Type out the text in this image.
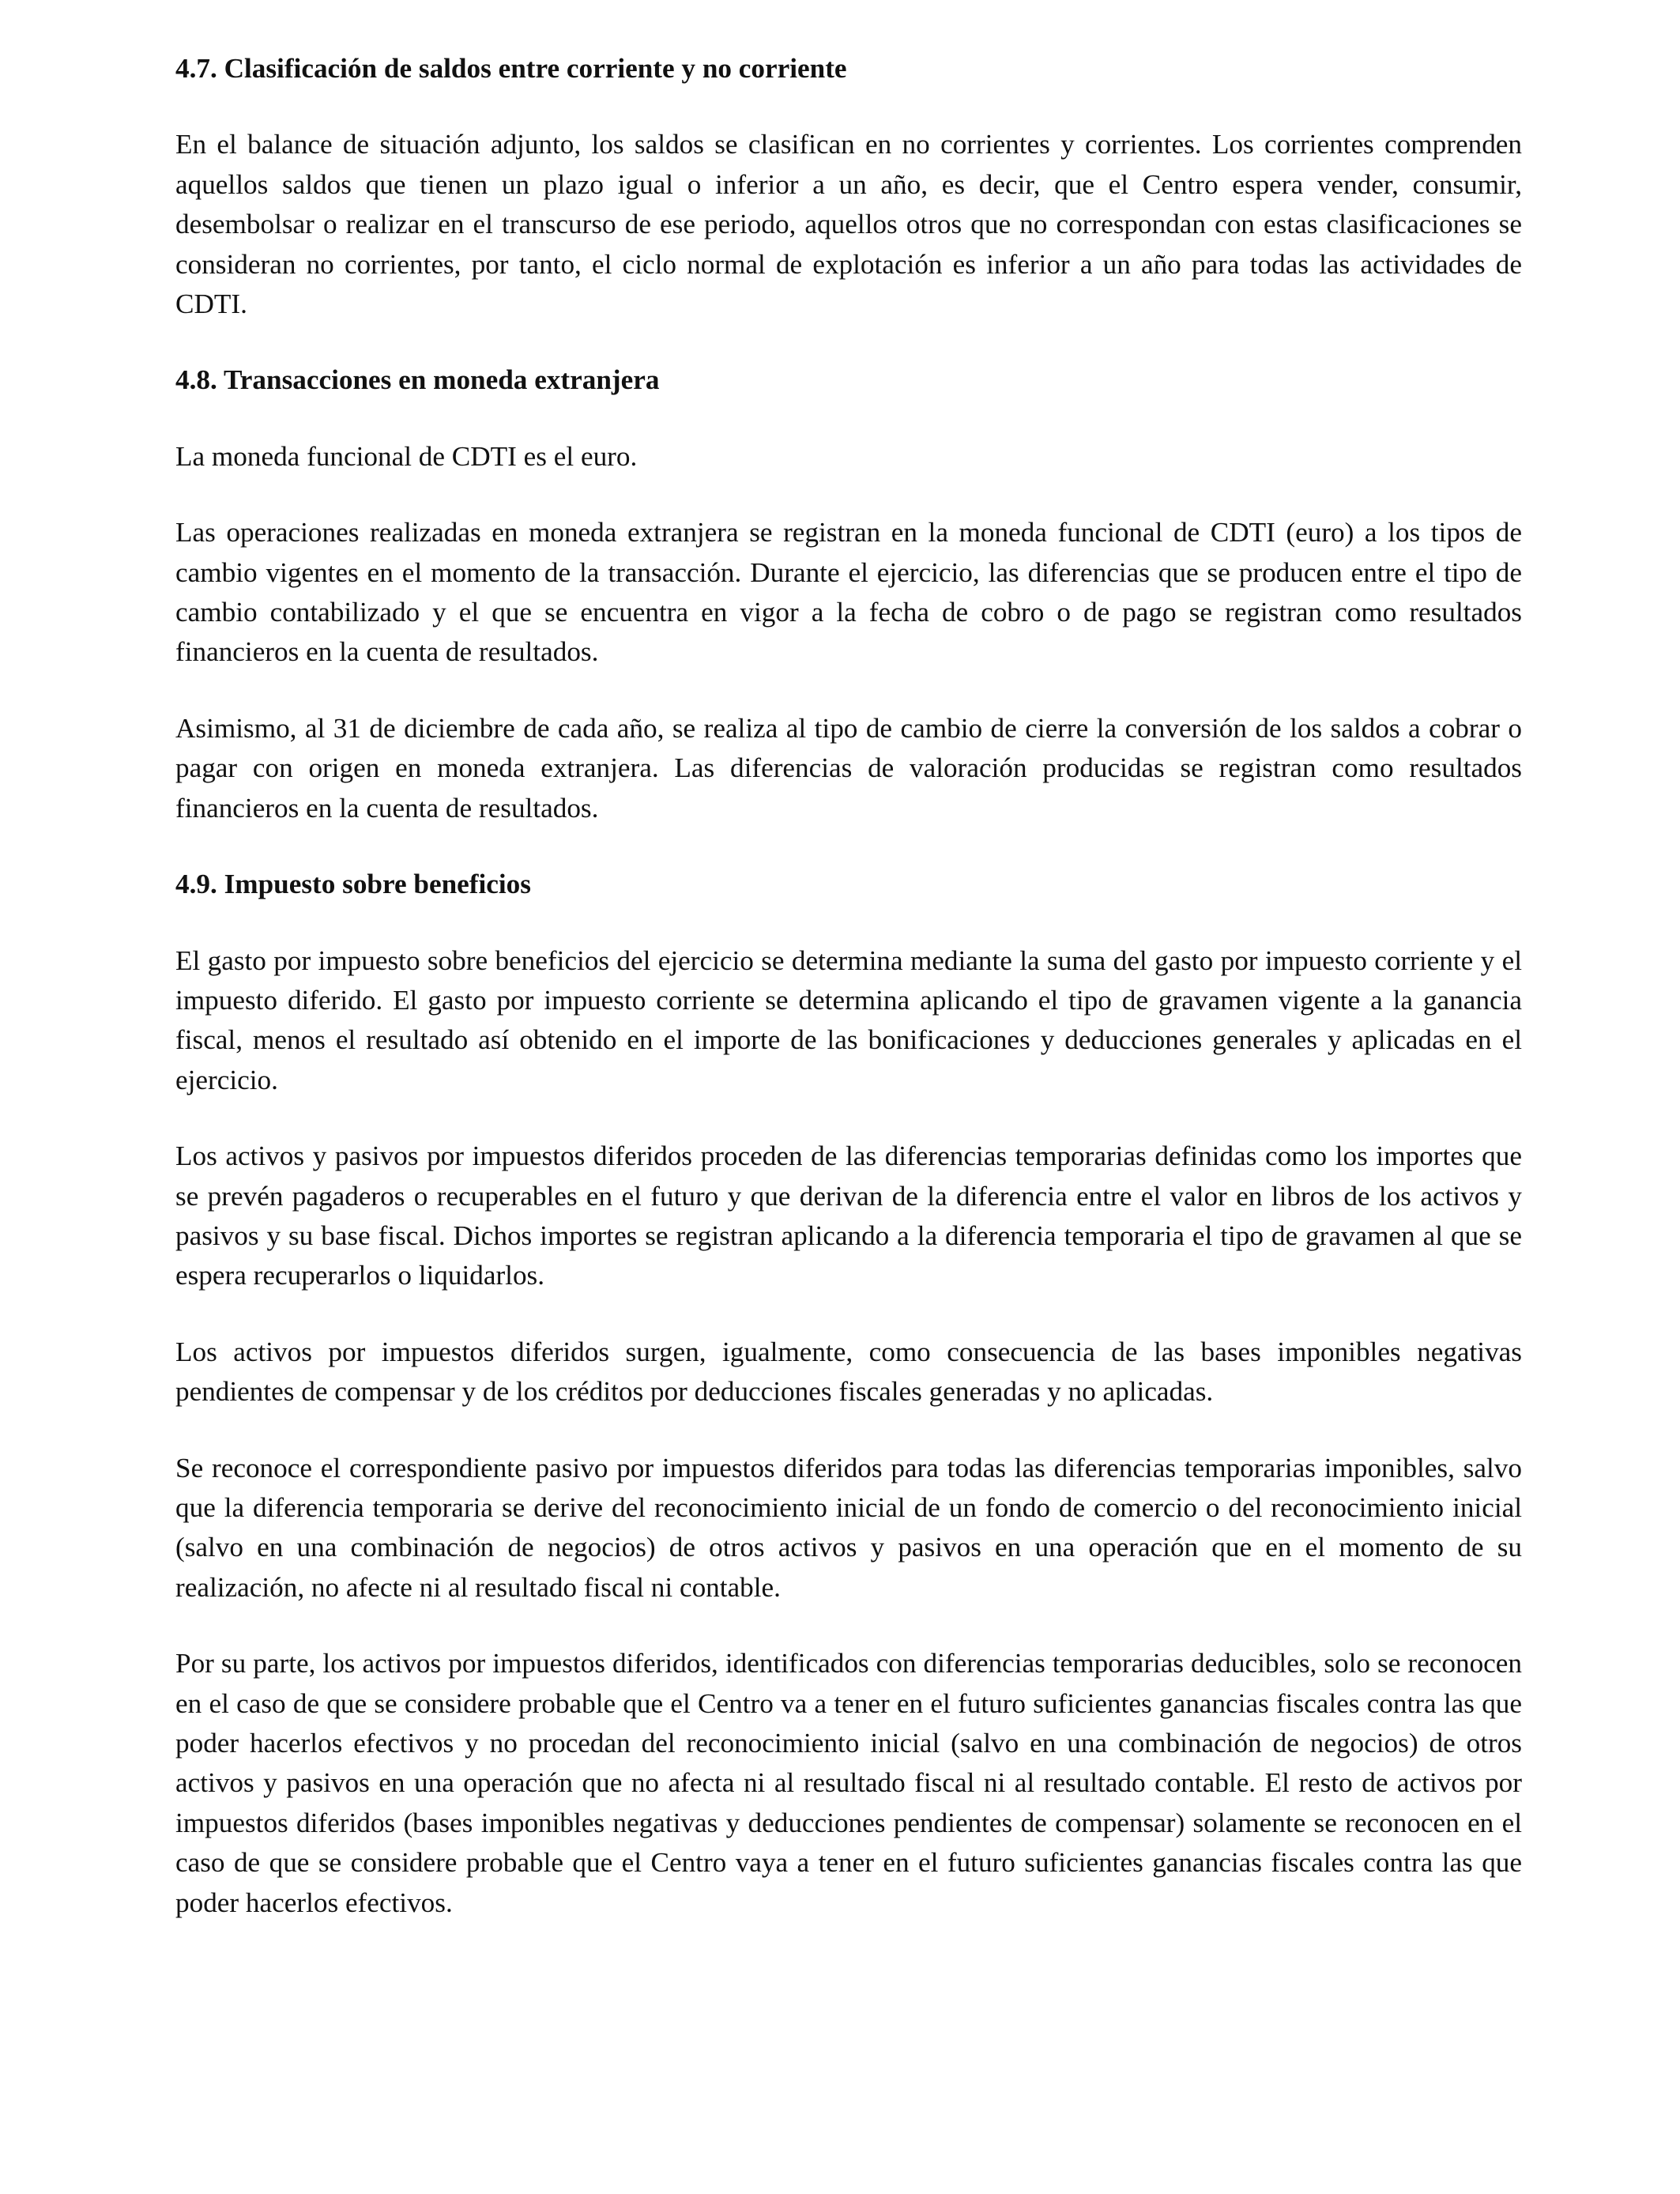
4.7. Clasificación de saldos entre corriente y no corriente

En el balance de situación adjunto, los saldos se clasifican en no corrientes y corrientes. Los corrientes comprenden aquellos saldos que tienen un plazo igual o inferior a un año, es decir, que el Centro espera vender, consumir, desembolsar o realizar en el transcurso de ese periodo, aquellos otros que no correspondan con estas clasificaciones se consideran no corrientes, por tanto, el ciclo normal de explotación es inferior a un año para todas las actividades de CDTI.

4.8. Transacciones en moneda extranjera

La moneda funcional de CDTI es el euro.

Las operaciones realizadas en moneda extranjera se registran en la moneda funcional de CDTI (euro) a los tipos de cambio vigentes en el momento de la transacción. Durante el ejercicio, las diferencias que se producen entre el tipo de cambio contabilizado y el que se encuentra en vigor a la fecha de cobro o de pago se registran como resultados financieros en la cuenta de resultados.

Asimismo, al 31 de diciembre de cada año, se realiza al tipo de cambio de cierre la conversión de los saldos a cobrar o pagar con origen en moneda extranjera. Las diferencias de valoración producidas se registran como resultados financieros en la cuenta de resultados.

4.9. Impuesto sobre beneficios

El gasto por impuesto sobre beneficios del ejercicio se determina mediante la suma del gasto por impuesto corriente y el impuesto diferido. El gasto por impuesto corriente se determina aplicando el tipo de gravamen vigente a la ganancia fiscal, menos el resultado así obtenido en el importe de las bonificaciones y deducciones generales y aplicadas en el ejercicio.

Los activos y pasivos por impuestos diferidos proceden de las diferencias temporarias definidas como los importes que se prevén pagaderos o recuperables en el futuro y que derivan de la diferencia entre el valor en libros de los activos y pasivos y su base fiscal. Dichos importes se registran aplicando a la diferencia temporaria el tipo de gravamen al que se espera recuperarlos o liquidarlos.

Los activos por impuestos diferidos surgen, igualmente, como consecuencia de las bases imponibles negativas pendientes de compensar y de los créditos por deducciones fiscales generadas y no aplicadas.

Se reconoce el correspondiente pasivo por impuestos diferidos para todas las diferencias temporarias imponibles, salvo que la diferencia temporaria se derive del reconocimiento inicial de un fondo de comercio o del reconocimiento inicial (salvo en una combinación de negocios) de otros activos y pasivos en una operación que en el momento de su realización, no afecte ni al resultado fiscal ni contable.

Por su parte, los activos por impuestos diferidos, identificados con diferencias temporarias deducibles, solo se reconocen en el caso de que se considere probable que el Centro va a tener en el futuro suficientes ganancias fiscales contra las que poder hacerlos efectivos y no procedan del reconocimiento inicial (salvo en una combinación de negocios) de otros activos y pasivos en una operación que no afecta ni al resultado fiscal ni al resultado contable. El resto de activos por impuestos diferidos (bases imponibles negativas y deducciones pendientes de compensar) solamente se reconocen en el caso de que se considere probable que el Centro vaya a tener en el futuro suficientes ganancias fiscales contra las que poder hacerlos efectivos.
